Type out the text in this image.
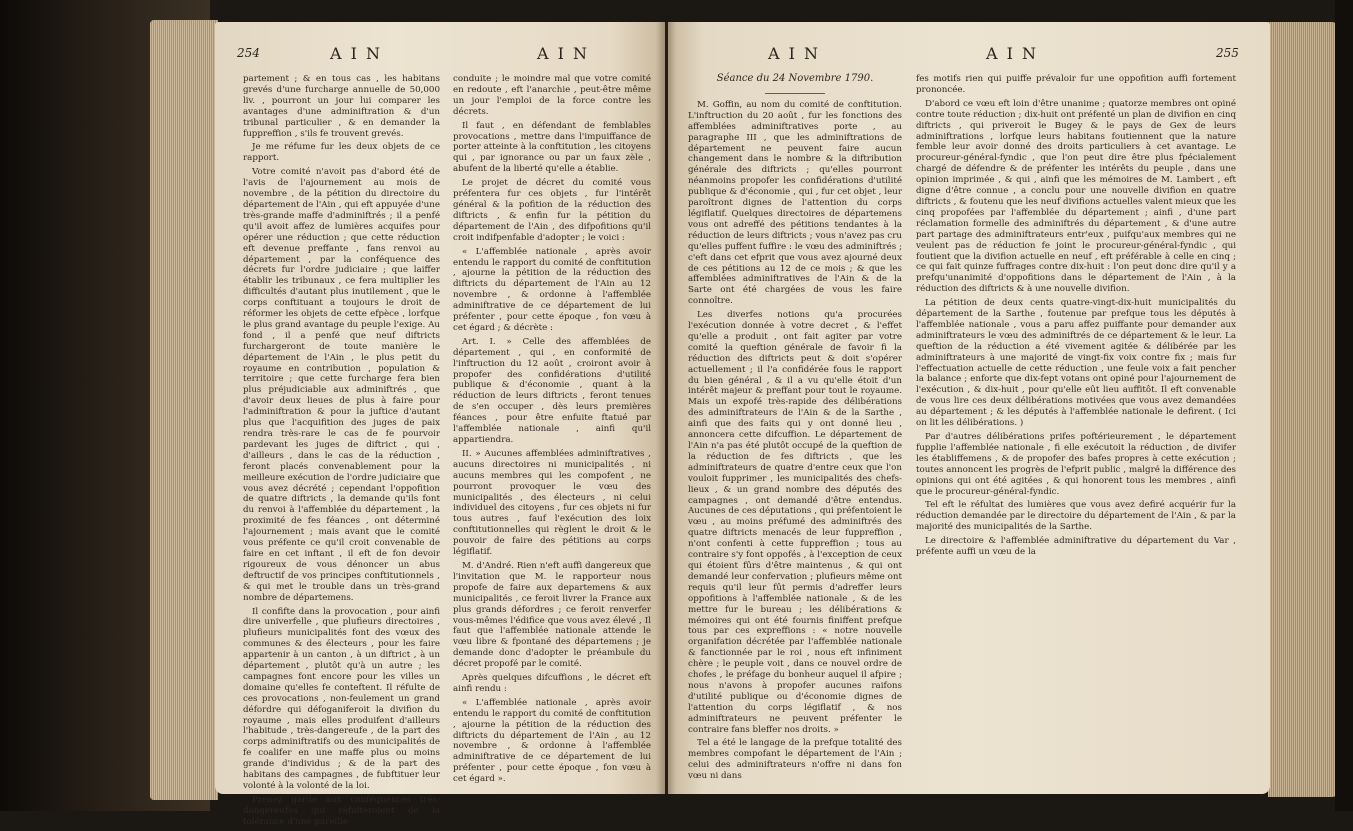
254	A I N	A I N

partement ; & en tous cas , les habitans grevés d'une furcharge annuelle de 50,000 liv. , pourront un jour lui comparer les avantages d'une adminiftration & d'un tribunal particulier , & en demander la fuppreffion , s'ils fe trouvent grevés.

Je me réfume fur les deux objets de ce rapport.

Votre comité n'avoit pas d'abord été de l'avis de l'ajournement au mois de novembre , de la pétition du directoire du département de l'Ain , qui eft appuyée d'une très-grande maffe d'adminiftrés ; il a penfé qu'il avoit affez de lumières acquifes pour opérer une réduction ; que cette réduction eft devenue preffante , fans renvoi au département , par la conféquence des décrets fur l'ordre judiciaire ; que laiffer établir les tribunaux , ce fera multiplier les difficultés d'autant plus inutilement , que le corps conftituant a toujours le droit de réformer les objets de cette efpèce , lorfque le plus grand avantage du peuple l'exige. Au fond , il a penfé que neuf diftricts furchargeront de toute manière le département de l'Ain , le plus petit du royaume en contribution , population & territoire ; que cette furcharge fera bien plus préjudiciable aux adminiftrés , que d'avoir deux lieues de plus à faire pour l'adminiftration & pour la juftice d'autant plus que l'acquifition des juges de paix rendra très-rare le cas de fe pourvoir pardevant les juges de diftrict , qui , d'ailleurs , dans le cas de la réduction , feront placés convenablement pour la meilleure exécution de l'ordre judiciaire que vous avez décrété ; cependant l'oppofition de quatre diftricts , la demande qu'ils font du renvoi à l'affemblée du département , la proximité de fes féances , ont déterminé l'ajournement ; mais avant que le comité vous préfente ce qu'il croit convenable de faire en cet inftant , il eft de fon devoir rigoureux de vous dénoncer un abus deftructif de vos principes conftitutionnels , & qui met le trouble dans un très-grand nombre de départemens.

Il confifte dans la provocation , pour ainfi dire univerfelle , que plufieurs directoires , plufieurs municipalités font des vœux des communes & des électeurs , pour les faire appartenir à un canton , à un diftrict , à un département , plutôt qu'à un autre ; les campagnes font encore pour les villes un domaine qu'elles fe conteftent. Il réfulte de ces provocations , non-feulement un grand défordre qui défoganiferoit la divifion du royaume , mais elles produifent d'ailleurs l'habitude , très-dangereufe , de la part des corps adminiftratifs ou des municipalités de fe coalifer en une maffe plus ou moins grande d'individus ; & de la part des habitans des campagnes , de fubftituer leur volonté à la volonté de la loi.

Prenez garde aux conféquences très-dangereufes qui réfulteroient de la tolérance d'une pareille

conduite ; le moindre mal que votre comité en redoute , eft l'anarchie , peut-être même un jour l'emploi de la force contre les décrets.

Il faut , en défendant de femblables provocations , mettre dans l'impuiffance de porter atteinte à la conftitution , les citoyens qui , par ignorance ou par un faux zèle , abufent de la liberté qu'elle a établie.

Le projet de décret du comité vous préfentera fur ces objets , fur l'intérêt général & la pofition de la réduction des diftricts , & enfin fur la pétition du département de l'Ain , des difpofitions qu'il croit indifpenfable d'adopter ; le voici :

« L'affemblée nationale , après avoir entendu le rapport du comité de conftitution , ajourne la pétition de la réduction des diftricts du département de l'Ain au 12 novembre , & ordonne à l'affemblée adminiftrative de ce département de lui préfenter , pour cette époque , fon vœu à cet égard ; & décrète :

Art. I. » Celle des affemblées de département , qui , en conformité de l'inftruction du 12 août , croiront avoir à propofer des confidérations d'utilité publique & d'économie , quant à la réduction de leurs diftricts , feront tenues de s'en occuper , dès leurs premières féances , pour être enfuite ftatué par l'affemblée nationale , ainfi qu'il appartiendra.

II. » Aucunes affemblées adminiftratives , aucuns directoires ni municipalités , ni aucuns membres qui les compofent , ne pourront provoquer le vœu des municipalités , des électeurs , ni celui individuel des citoyens , fur ces objets ni fur tous autres , fauf l'exécution des loix conftitutionnelles qui règlent le droit & le pouvoir de faire des pétitions au corps légiflatif.

M. d'André. Rien n'eft auffi dangereux que l'invitation que M. le rapporteur nous propofe de faire aux departemens & aux municipalités , ce feroit livrer la France aux plus grands défordres ; ce feroit renverfer vous-mêmes l'édifice que vous avez élevé , Il faut que l'affemblée nationale attende le vœu libre & fpontané des départemens ; je demande donc d'adopter le préambule du décret propofé par le comité.

Après quelques difcuffions , le décret eft ainfi rendu :

« L'affemblée nationale , après avoir entendu le rapport du comité de conftitution , ajourne la pétition de la réduction des diftricts du département de l'Ain , au 12 novembre , & ordonne à l'affemblée adminiftrative de ce département de lui préfenter , pour cette époque , fon vœu à cet égard ».

A I N	A I N	255

Séance du 24 Novembre 1790.

M. Goffin, au nom du comité de conftitution. L'inftruction du 20 août , fur les fonctions des affemblées adminiftratives porte , au paragraphe III , que les adminiftrations de département ne peuvent faire aucun changement dans le nombre & la diftribution générale des diftricts ; qu'elles pourront néanmoins propofer les confidérations d'utilité publique & d'économie , qui , fur cet objet , leur paroîtront dignes de l'attention du corps légiflatif. Quelques directoires de départemens vous ont adreffé des pétitions tendantes à la réduction de leurs diftricts ; vous n'avez pas cru qu'elles puffent fuffire : le vœu des adminiftrés ; c'eft dans cet efprit que vous avez ajourné deux de ces pétitions au 12 de ce mois ; & que les affemblées adminiftratives de l'Ain & de la Sarte ont été chargées de vous les faire connoître.

Les diverfes notions qu'a procurées l'exécution donnée à votre decret , & l'effet qu'elle a produit , ont fait agiter par votre comité la queftion générale de favoir fi la réduction des diftricts peut & doit s'opérer actuellement ; il l'a confidérée fous le rapport du bien général , & il a vu qu'elle étoit d'un intérêt majeur & preffant pour tout le royaume. Mais un expofé très-rapide des délibérations des adminiftrateurs de l'Ain & de la Sarthe , ainfi que des faits qui y ont donné lieu , annoncera cette difcuffion. Le département de l'Ain n'a pas été plutôt occupé de la queftion de la réduction de fes diftricts , que les adminiftrateurs de quatre d'entre ceux que l'on vouloit fupprimer , les municipalités des chefs-lieux , & un grand nombre des députés des campagnes , ont demandé d'être entendus. Aucunes de ces députations , qui préfentoient le vœu , au moins préfumé des adminiftrés des quatre diftricts menacés de leur fuppreffion , n'ont confenti à cette fuppreffion ; tous au contraire s'y font oppofés , à l'exception de ceux qui étoient fûrs d'être maintenus , & qui ont demandé leur confervation ; plufieurs même ont requis qu'il leur fût permis d'adreffer leurs oppofitions à l'affemblée nationale , & de les mettre fur le bureau ; les délibérations & mémoires qui ont été fournis finiffent prefque tous par ces expreffions : « notre nouvelle organifation décrétée par l'affemblée nationale & fanctionnée par le roi , nous eft infiniment chère ; le peuple voit , dans ce nouvel ordre de chofes , le préfage du bonheur auquel il afpire ; nous n'avons à propofer aucunes raifons d'utilité publique ou d'économie dignes de l'attention du corps légiflatif , & nos adminiftrateurs ne peuvent préfenter le contraire fans bleffer nos droits. »

Tel a été le langage de la prefque totalité des membres compofant le département de l'Ain ; celui des adminiftrateurs n'offre ni dans fon vœu ni dans

fes motifs rien qui puiffe prévaloir fur une oppofition auffi fortement prononcée.

D'abord ce vœu eft loin d'être unanime ; quatorze membres ont opiné contre toute réduction ; dix-huit ont préfenté un plan de divifion en cinq diftricts , qui priveroit le Bugey & le pays de Gex de leurs adminiftrations , lorfque leurs habitans foutiennent que la nature femble leur avoir donné des droits particuliers à cet avantage. Le procureur-général-fyndic , que l'on peut dire être plus fpécialement chargé de défendre & de préfenter les intérêts du peuple , dans une opinion imprimée , & qui , ainfi que les mémoires de M. Lambert , eft digne d'être connue , a conclu pour une nouvelle divifion en quatre diftricts , & foutenu que les neuf divifions actuelles valent mieux que les cinq propofées par l'affemblée du département ; ainfi , d'une part réclamation formelle des adminiftrés du département , & d'une autre part partage des adminiftrateurs entr'eux , puifqu'aux membres qui ne veulent pas de réduction fe joint le procureur-général-fyndic , qui foutient que la divifion actuelle en neuf , eft préférable à celle en cinq ; ce qui fait quinze fuffrages contre dix-huit : l'on peut donc dire qu'il y a prefqu'unanimité d'oppofitions dans le département de l'Ain , à la réduction des diftricts & à une nouvelle divifion.

La pétition de deux cents quatre-vingt-dix-huit municipalités du département de la Sarthe , foutenue par prefque tous les députés à l'affemblée nationale , vous a paru affez puiffante pour demander aux adminiftrateurs le vœu des adminiftrés de ce département & le leur. La queftion de la réduction a été vivement agitée & délibérée par les adminiftrateurs à une majorité de vingt-fix voix contre fix ; mais fur l'effectuation actuelle de cette réduction , une feule voix a fait pencher la balance ; enforte que dix-fept votans ont opiné pour l'ajournement de l'exécution , & dix-huit , pour qu'elle eût lieu auffitôt. Il eft convenable de vous lire ces deux délibérations motivées que vous avez demandées au département ; & les députés à l'affemblée nationale le defirent. ( Ici on lit les délibérations. )

Par d'autres délibérations prifes poftérieurement , le département fupplie l'affemblée nationale , fi elle exécutoit la réduction , de divifer les établiffemens , & de propofer des bafes propres à cette exécution ; toutes annoncent les progrès de l'efprit public , malgré la différence des opinions qui ont été agitées , & qui honorent tous les membres , ainfi que le procureur-général-fyndic.

Tel eft le réfultat des lumières que vous avez defiré acquérir fur la réduction demandée par le directoire du département de l'Ain , & par la majorité des municipalités de la Sarthe.

Le directoire & l'affemblée adminiftrative du département du Var , préfente auffi un vœu de la
